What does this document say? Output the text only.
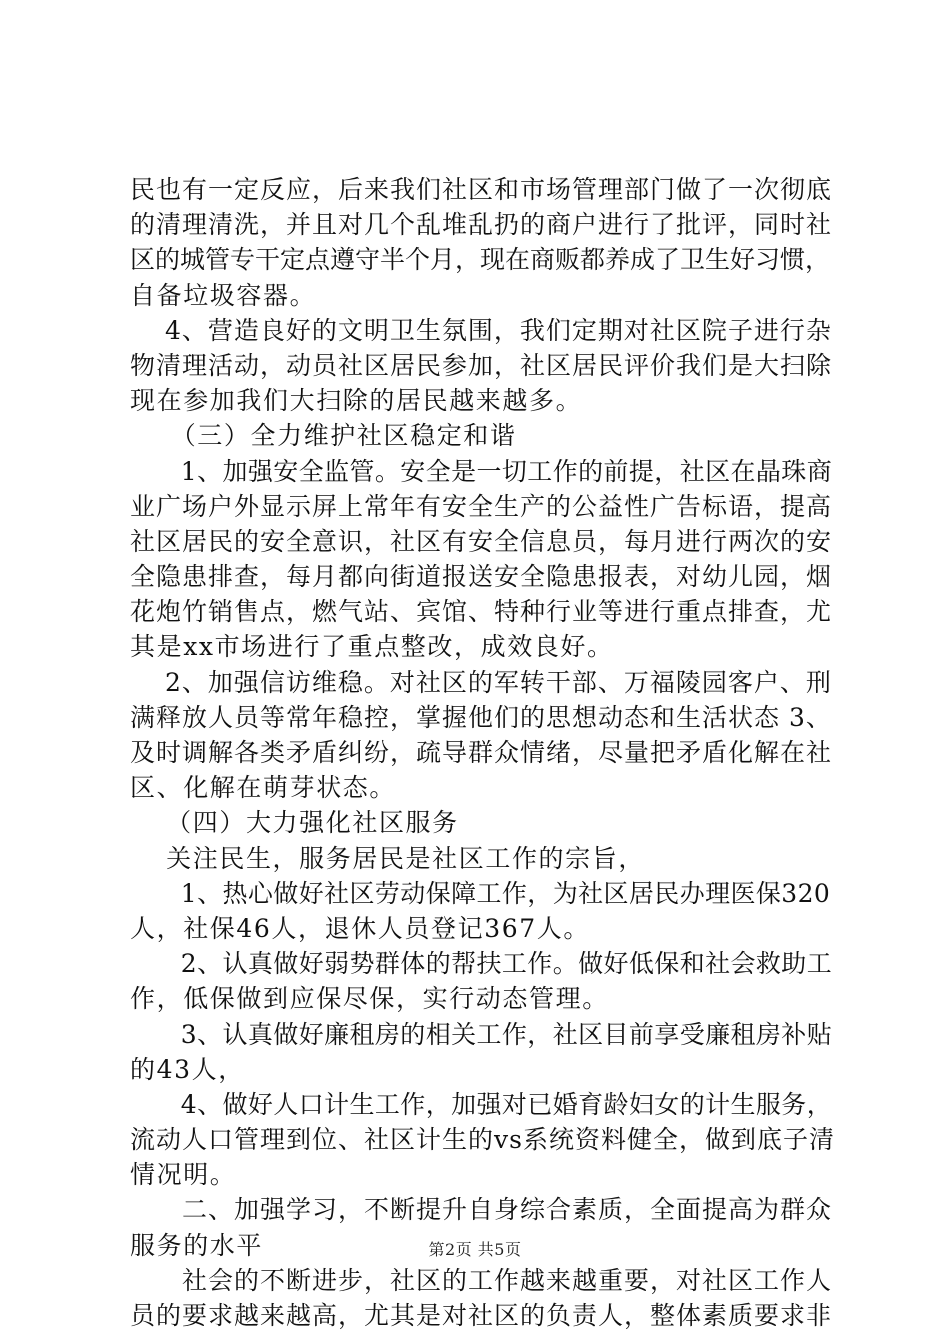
民也有一定反应，后来我们社区和市场管理部门做了一次彻底
的清理清洗，并且对几个乱堆乱扔的商户进行了批评，同时社
区的城管专干定点遵守半个月，现在商贩都养成了卫生好习惯，
自备垃圾容器。
　 4、营造良好的文明卫生氛围，我们定期对社区院子进行杂
物清理活动，动员社区居民参加，社区居民评价我们是大扫除
现在参加我们大扫除的居民越来越多。
　　（三）全力维护社区稳定和谐
　　1、加强安全监管。安全是一切工作的前提，社区在晶珠商
业广场户外显示屏上常年有安全生产的公益性广告标语，提高
社区居民的安全意识，社区有安全信息员，每月进行两次的安
全隐患排查，每月都向街道报送安全隐患报表，对幼儿园，烟
花炮竹销售点，燃气站、宾馆、特种行业等进行重点排查，尤
其是xx市场进行了重点整改，成效良好。
　 2、加强信访维稳。对社区的军转干部、万福陵园客户、刑
满释放人员等常年稳控，掌握他们的思想动态和生活状态 3、
及时调解各类矛盾纠纷，疏导群众情绪，尽量把矛盾化解在社
区、化解在萌芽状态。
　 （四）大力强化社区服务
　 关注民生，服务居民是社区工作的宗旨，
　　1、热心做好社区劳动保障工作，为社区居民办理医保320
人，社保46人，退休人员登记367人。
　　2、认真做好弱势群体的帮扶工作。做好低保和社会救助工
作，低保做到应保尽保，实行动态管理。
　　3、认真做好廉租房的相关工作，社区目前享受廉租房补贴
的43人，
　　4、做好人口计生工作，加强对已婚育龄妇女的计生服务，
流动人口管理到位、社区计生的vs系统资料健全，做到底子清
情况明。
　　二、加强学习，不断提升自身综合素质，全面提高为群众
服务的水平
　　社会的不断进步，社区的工作越来越重要，对社区工作人
员的要求越来越高，尤其是对社区的负责人，整体素质要求非
第2页 共5页
